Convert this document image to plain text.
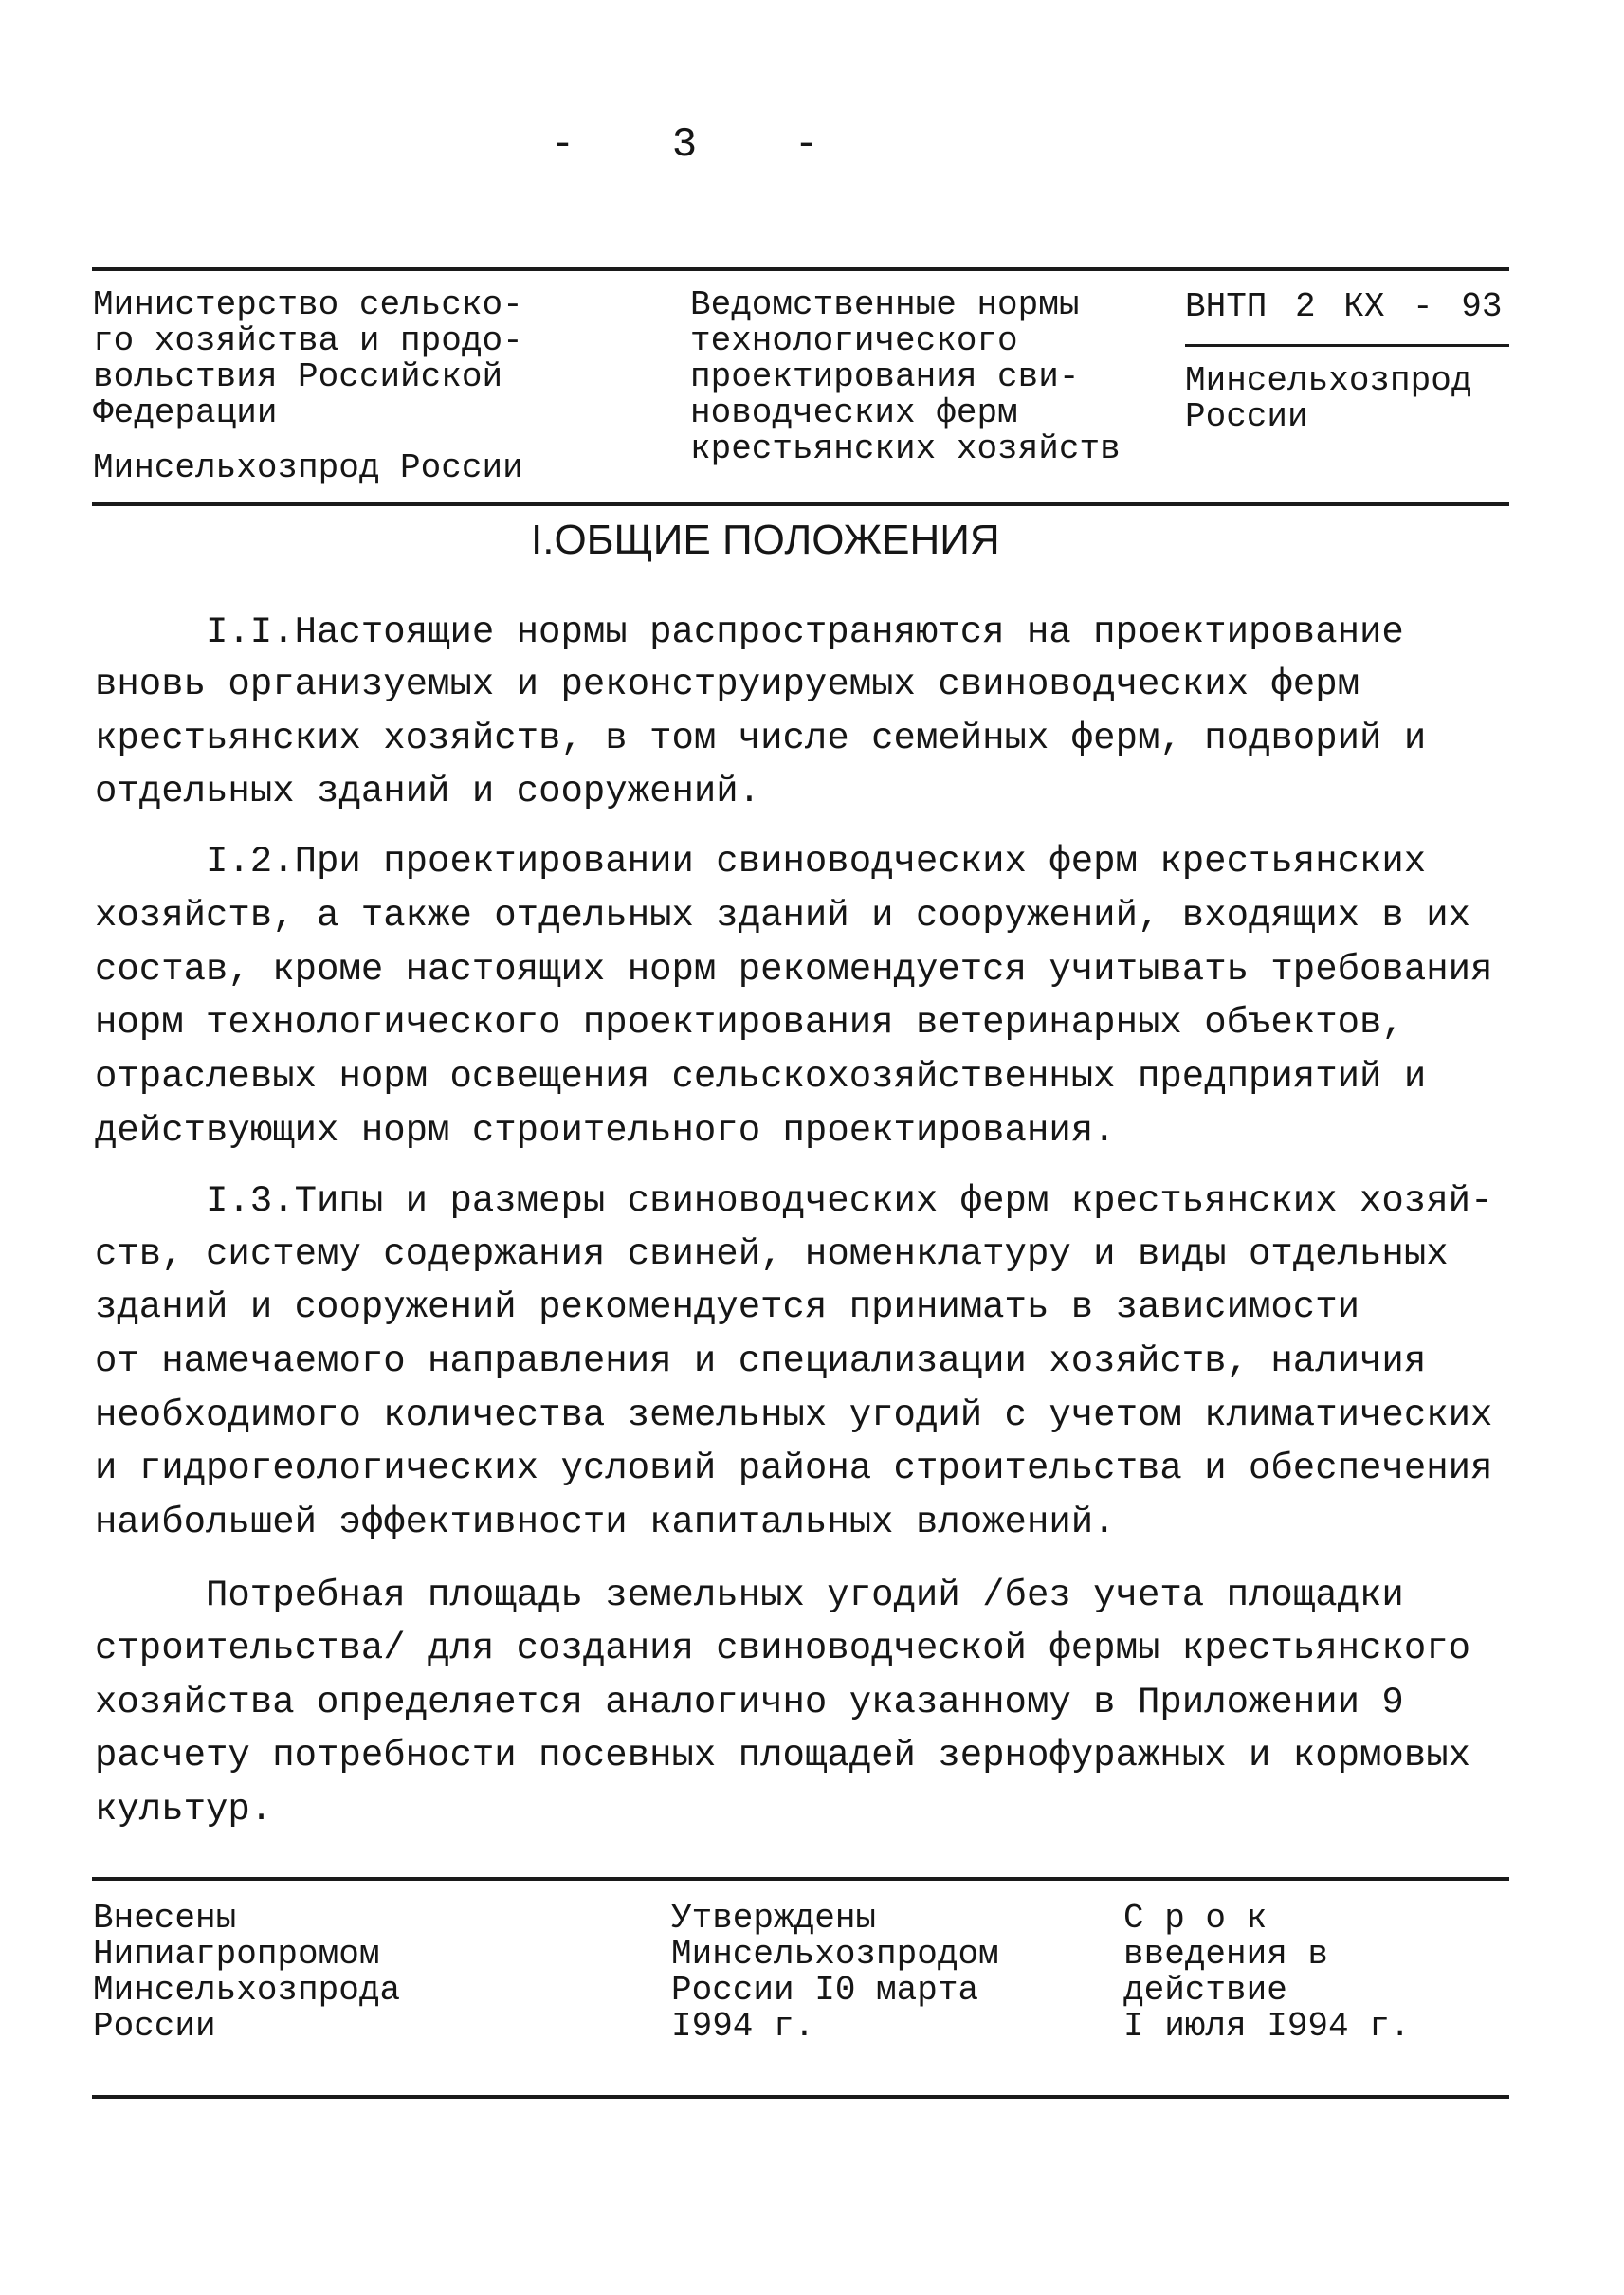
- 3 -
Министерство сельско-
го хозяйства и продо-
вольствия Российской
Федерации
Минсельхозпрод России
Ведомственные нормы
технологического
проектирования сви-
новодческих ферм
крестьянских хозяйств
ВНТП 2 КХ - 93
Минсельхозпрод
России
I.ОБЩИЕ ПОЛОЖЕНИЯ
I.I.Настоящие нормы распространяются на проектирование
вновь организуемых и реконструируемых свиноводческих ферм
крестьянских хозяйств, в том числе семейных ферм, подворий и
отдельных зданий и сооружений.
I.2.При проектировании свиноводческих ферм крестьянских
хозяйств, а также отдельных зданий и сооружений, входящих в их
состав, кроме настоящих норм рекомендуется учитывать требования
норм технологического проектирования ветеринарных объектов,
отраслевых норм освещения сельскохозяйственных предприятий и
действующих норм строительного проектирования.
I.3.Типы и размеры свиноводческих ферм крестьянских хозяй-
ств, систему содержания свиней, номенклатуру и виды отдельных
зданий и сооружений рекомендуется принимать в зависимости
от намечаемого направления и специализации хозяйств, наличия
необходимого количества земельных угодий с учетом климатических
и гидрогеологических условий района строительства и обеспечения
наибольшей эффективности капитальных вложений.
Потребная площадь земельных угодий /без учета площадки
строительства/ для создания свиноводческой фермы крестьянского
хозяйства определяется аналогично указанному в Приложении 9
расчету потребности посевных площадей зернофуражных и кормовых
культур.
Внесены
Нипиагропромом
Минсельхозпрода
России
Утверждены
Минсельхозпродом
России I0 марта
I994 г.
С р о к
введения в
действие
I июля I994 г.
